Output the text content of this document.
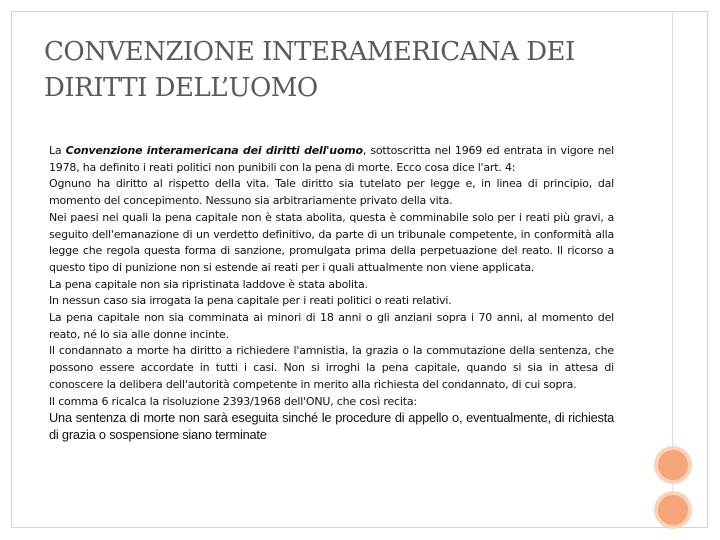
CONVENZIONE INTERAMERICANA DEI
DIRITTI DELL’UOMO

La Convenzione interamericana dei diritti dell'uomo, sottoscritta nel 1969 ed entrata in vigore nel 1978, ha definito i reati politici non punibili con la pena di morte. Ecco cosa dice l'art. 4:

Ognuno ha diritto al rispetto della vita. Tale diritto sia tutelato per legge e, in linea di principio, dal momento del concepimento. Nessuno sia arbitrariamente privato della vita.

Nei paesi nei quali la pena capitale non è stata abolita, questa è comminabile solo per i reati più gravi, a seguito dell'emanazione di un verdetto definitivo, da parte di un tribunale competente, in conformità alla legge che regola questa forma di sanzione, promulgata prima della perpetuazione del reato. Il ricorso a questo tipo di punizione non si estende ai reati per i quali attualmente non viene applicata.

La pena capitale non sia ripristinata laddove è stata abolita.

In nessun caso sia irrogata la pena capitale per i reati politici o reati relativi.

La pena capitale non sia comminata ai minori di 18 anni o gli anziani sopra i 70 anni, al momento del reato, né lo sia alle donne incinte.

Il condannato a morte ha diritto a richiedere l'amnistia, la grazia o la commutazione della sentenza, che possono essere accordate in tutti i casi. Non si irroghi la pena capitale, quando si sia in attesa di conoscere la delibera dell'autorità competente in merito alla richiesta del condannato, di cui sopra.

Il comma 6 ricalca la risoluzione 2393/1968 dell'ONU, che così recita:

Una sentenza di morte non sarà eseguita sinché le procedure di appello o, eventualmente, di richiesta di grazia o sospensione siano terminate
